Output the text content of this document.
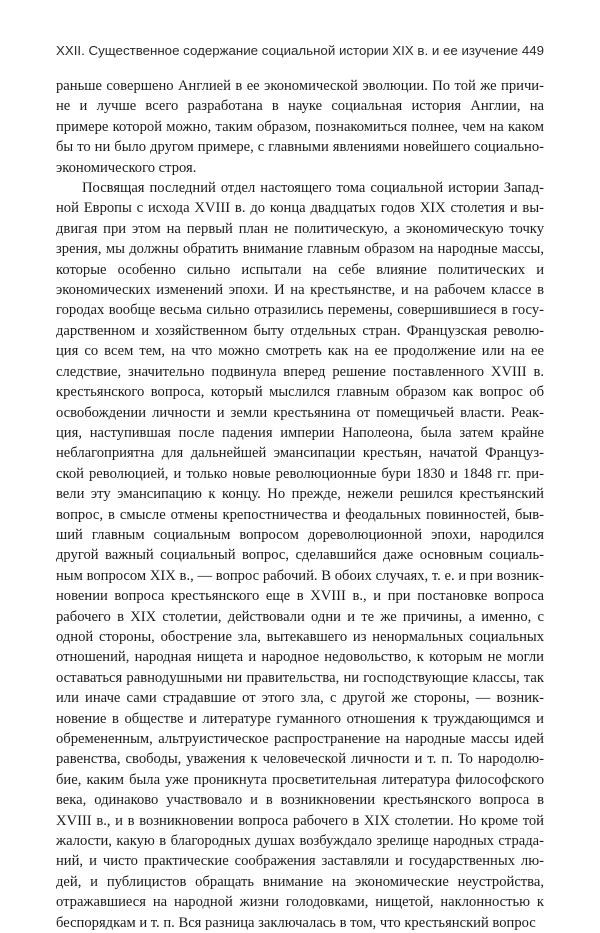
XXII. Существенное содержание социальной истории XIX в. и ее изучение 449

раньше совершено Англией в ее экономической эволюции. По той же причине и лучше всего разработана в науке социальная история Англии, на примере которой можно, таким образом, познакомиться полнее, чем на каком бы то ни было другом примере, с главными явлениями новейшего социально-экономического строя.

Посвящая последний отдел настоящего тома социальной истории Западной Европы с исхода XVIII в. до конца двадцатых годов XIX столетия и выдвигая при этом на первый план не политическую, а экономическую точку зрения, мы должны обратить внимание главным образом на народные массы, которые особенно сильно испытали на себе влияние политических и экономических изменений эпохи. И на крестьянстве, и на рабочем классе в городах вообще весьма сильно отразились перемены, совершившиеся в государственном и хозяйственном быту отдельных стран. Французская революция со всем тем, на что можно смотреть как на ее продолжение или на ее следствие, значительно подвинула вперед решение поставленного XVIII в. крестьянского вопроса, который мыслился главным образом как вопрос об освобождении личности и земли крестьянина от помещичьей власти. Реакция, наступившая после падения империи Наполеона, была затем крайне неблагоприятна для дальнейшей эмансипации крестьян, начатой Французской революцией, и только новые революционные бури 1830 и 1848 гг. привели эту эмансипацию к концу. Но прежде, нежели решился крестьянский вопрос, в смысле отмены крепостничества и феодальных повинностей, бывший главным социальным вопросом дореволюционной эпохи, народился другой важный социальный вопрос, сделавшийся даже основным социальным вопросом XIX в., — вопрос рабочий. В обоих случаях, т. е. и при возникновении вопроса крестьянского еще в XVIII в., и при постановке вопроса рабочего в XIX столетии, действовали одни и те же причины, а именно, с одной стороны, обострение зла, вытекавшего из ненормальных социальных отношений, народная нищета и народное недовольство, к которым не могли оставаться равнодушными ни правительства, ни господствующие классы, так или иначе сами страдавшие от этого зла, с другой же стороны, — возникновение в обществе и литературе гуманного отношения к труждающимся и обремененным, альтруистическое распространение на народные массы идей равенства, свободы, уважения к человеческой личности и т. п. То народолюбие, каким была уже проникнута просветительная литература философского века, одинаково участвовало и в возникновении крестьянского вопроса в XVIII в., и в возникновении вопроса рабочего в XIX столетии. Но кроме той жалости, какую в благородных душах возбуждало зрелище народных страданий, и чисто практические соображения заставляли и государственных людей, и публицистов обращать внимание на экономические неустройства, отражавшиеся на народной жизни голодовками, нищетой, наклонностью к беспорядкам и т. п. Вся разница заключалась в том, что крестьянский вопрос
